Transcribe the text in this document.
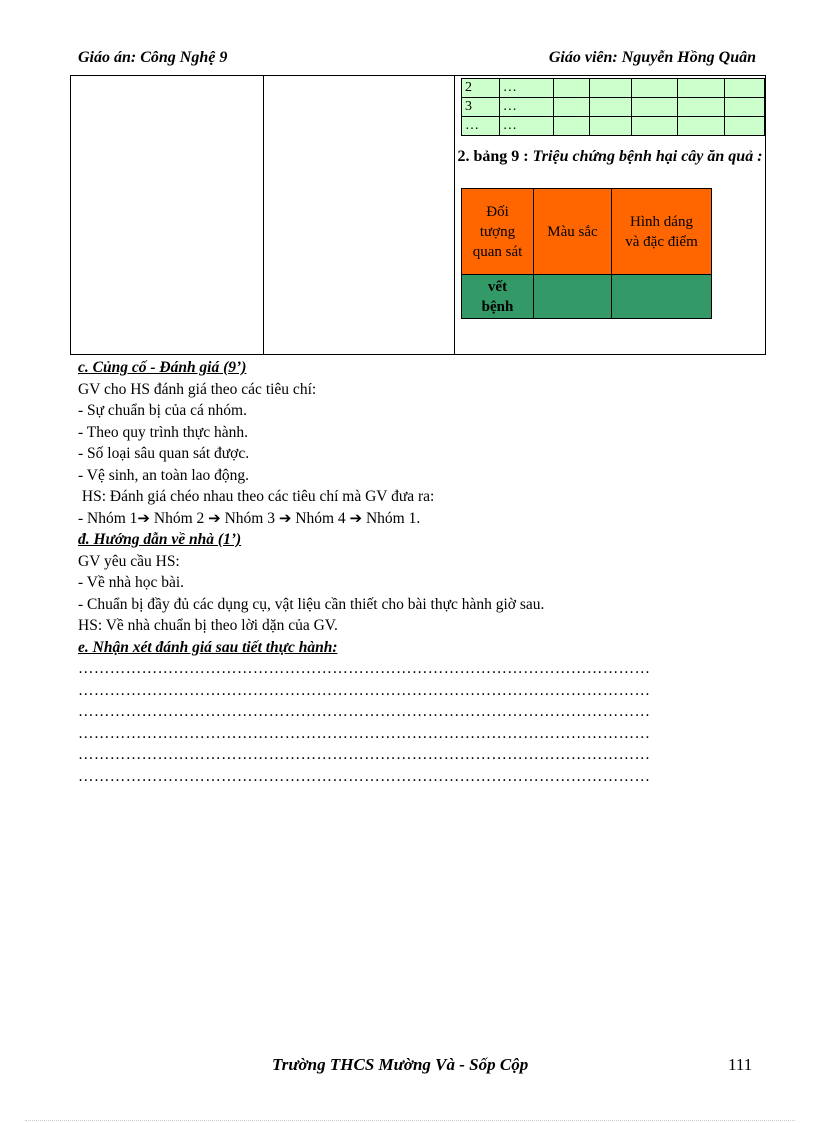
Giáo án: Công Nghệ 9	Giáo viên: Nguyễn Hồng Quân
2	…					
3	…					
…	…					
2. bảng 9 : Triệu chứng bệnh hại cây ăn quả :
Đối tượng quan sát	Màu sắc	Hình dáng và đặc điểm
vết bệnh		
c. Củng cố - Đánh giá (9’)
GV cho HS đánh giá theo các tiêu chí:
- Sự chuẩn bị của cá nhóm.
- Theo quy trình thực hành.
- Số loại sâu quan sát được.
- Vệ sinh, an toàn lao động.
HS: Đánh giá chéo nhau theo các tiêu chí mà GV đưa ra:
- Nhóm 1➔ Nhóm 2 ➔ Nhóm 3 ➔ Nhóm 4 ➔ Nhóm 1.
đ. Hướng dẫn về nhà (1’)
GV yêu cầu HS:
- Về nhà học bài.
- Chuẩn bị đầy đủ các dụng cụ, vật liệu cần thiết cho bài thực hành giờ sau.
HS: Về nhà chuẩn bị theo lời dặn của GV.
e. Nhận xét đánh giá sau tiết thực hành:
………………………………………………………………………………………………
………………………………………………………………………………………………
………………………………………………………………………………………………
………………………………………………………………………………………………
………………………………………………………………………………………………
………………………………………………………………………………………………
Trường THCS Mường Và - Sốp Cộp	111
